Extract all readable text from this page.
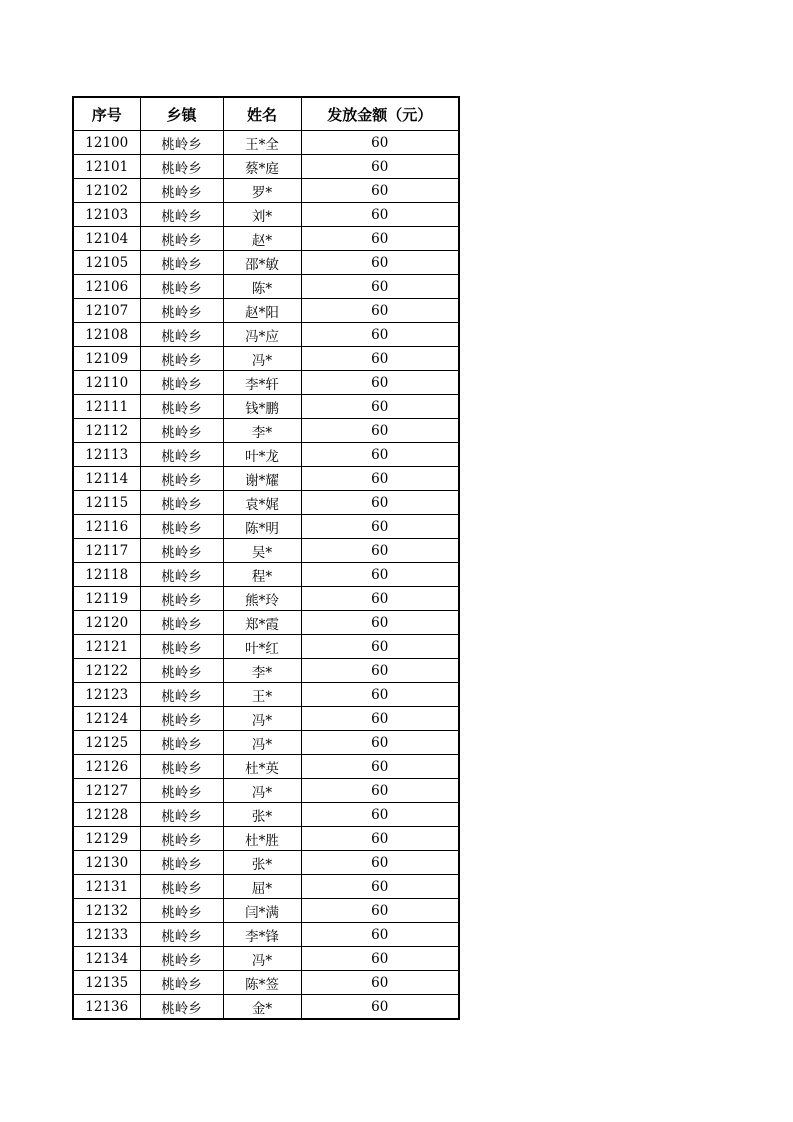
序号	乡镇	姓名	发放金额（元）
12100	桃岭乡	王*全	60
12101	桃岭乡	蔡*庭	60
12102	桃岭乡	罗*	60
12103	桃岭乡	刘*	60
12104	桃岭乡	赵*	60
12105	桃岭乡	邵*敏	60
12106	桃岭乡	陈*	60
12107	桃岭乡	赵*阳	60
12108	桃岭乡	冯*应	60
12109	桃岭乡	冯*	60
12110	桃岭乡	李*轩	60
12111	桃岭乡	钱*鹏	60
12112	桃岭乡	李*	60
12113	桃岭乡	叶*龙	60
12114	桃岭乡	谢*耀	60
12115	桃岭乡	袁*娓	60
12116	桃岭乡	陈*明	60
12117	桃岭乡	吴*	60
12118	桃岭乡	程*	60
12119	桃岭乡	熊*玲	60
12120	桃岭乡	郑*霞	60
12121	桃岭乡	叶*红	60
12122	桃岭乡	李*	60
12123	桃岭乡	王*	60
12124	桃岭乡	冯*	60
12125	桃岭乡	冯*	60
12126	桃岭乡	杜*英	60
12127	桃岭乡	冯*	60
12128	桃岭乡	张*	60
12129	桃岭乡	杜*胜	60
12130	桃岭乡	张*	60
12131	桃岭乡	屈*	60
12132	桃岭乡	闫*满	60
12133	桃岭乡	李*锋	60
12134	桃岭乡	冯*	60
12135	桃岭乡	陈*签	60
12136	桃岭乡	金*	60
